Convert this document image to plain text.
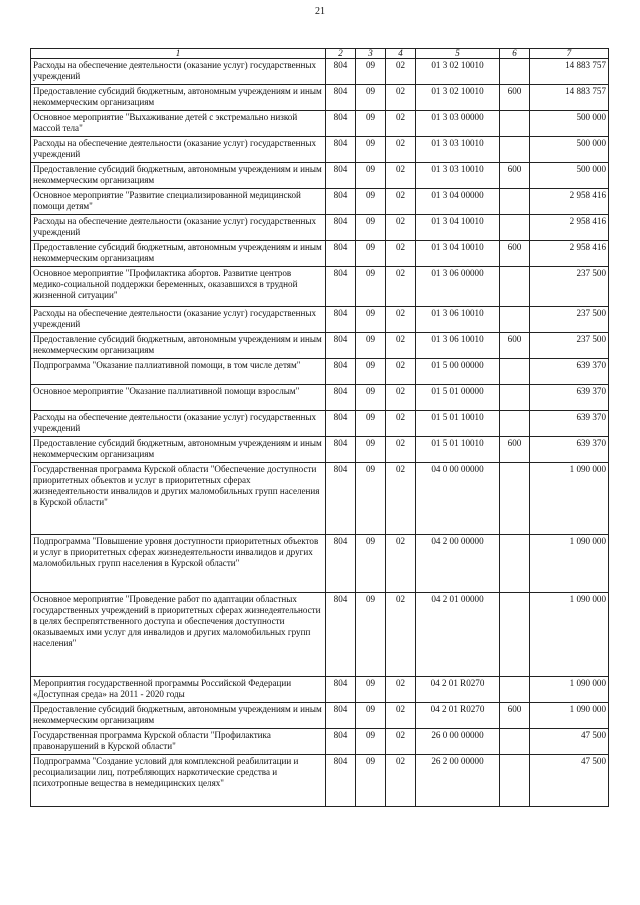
21
1	2	3	4	5	6	7
Расходы на обеспечение деятельности (оказание услуг) государственных учреждений	804	09	02	01 3 02 10010		14 883 757
Предоставление субсидий бюджетным, автономным учреждениям и иным некоммерческим организациям	804	09	02	01 3 02 10010	600	14 883 757
Основное мероприятие "Выхаживание детей с экстремально низкой массой тела"	804	09	02	01 3 03 00000		500 000
Расходы на обеспечение деятельности (оказание услуг) государственных учреждений	804	09	02	01 3 03 10010		500 000
Предоставление субсидий бюджетным, автономным учреждениям и иным некоммерческим организациям	804	09	02	01 3 03 10010	600	500 000
Основное мероприятие "Развитие специализированной медицинской помощи детям"	804	09	02	01 3 04 00000		2 958 416
Расходы на обеспечение деятельности (оказание услуг) государственных учреждений	804	09	02	01 3 04 10010		2 958 416
Предоставление субсидий бюджетным, автономным учреждениям и иным некоммерческим организациям	804	09	02	01 3 04 10010	600	2 958 416
Основное мероприятие "Профилактика абортов. Развитие центров медико-социальной поддержки беременных, оказавшихся в трудной жизненной ситуации"	804	09	02	01 3 06 00000		237 500
Расходы на обеспечение деятельности (оказание услуг) государственных учреждений	804	09	02	01 3 06 10010		237 500
Предоставление субсидий бюджетным, автономным учреждениям и иным некоммерческим организациям	804	09	02	01 3 06 10010	600	237 500
Подпрограмма "Оказание паллиативной помощи, в том числе детям"	804	09	02	01 5 00 00000		639 370
Основное мероприятие "Оказание паллиативной помощи взрослым"	804	09	02	01 5 01 00000		639 370
Расходы на обеспечение деятельности (оказание услуг) государственных учреждений	804	09	02	01 5 01 10010		639 370
Предоставление субсидий бюджетным, автономным учреждениям и иным некоммерческим организациям	804	09	02	01 5 01 10010	600	639 370
Государственная программа Курской области "Обеспечение доступности приоритетных объектов и услуг в приоритетных сферах жизнедеятельности инвалидов и других маломобильных групп населения в Курской области"	804	09	02	04 0 00 00000		1 090 000
Подпрограмма "Повышение уровня доступности приоритетных объектов и услуг в приоритетных сферах жизнедеятельности инвалидов и других маломобильных групп населения в Курской области"	804	09	02	04 2 00 00000		1 090 000
Основное мероприятие "Проведение работ по адаптации областных государственных учреждений в приоритетных сферах жизнедеятельности в целях беспрепятственного доступа и обеспечения доступности оказываемых ими услуг для инвалидов и других маломобильных групп населения"	804	09	02	04 2 01 00000		1 090 000
Мероприятия государственной программы Российской Федерации «Доступная среда» на 2011 - 2020 годы	804	09	02	04 2 01 R0270		1 090 000
Предоставление субсидий бюджетным, автономным учреждениям и иным некоммерческим организациям	804	09	02	04 2 01 R0270	600	1 090 000
Государственная программа Курской области "Профилактика правонарушений в Курской области"	804	09	02	26 0 00 00000		47 500
Подпрограмма "Создание условий для комплексной реабилитации и ресоциализации лиц, потребляющих наркотические средства и психотропные вещества в немедицинских целях"	804	09	02	26 2 00 00000		47 500
